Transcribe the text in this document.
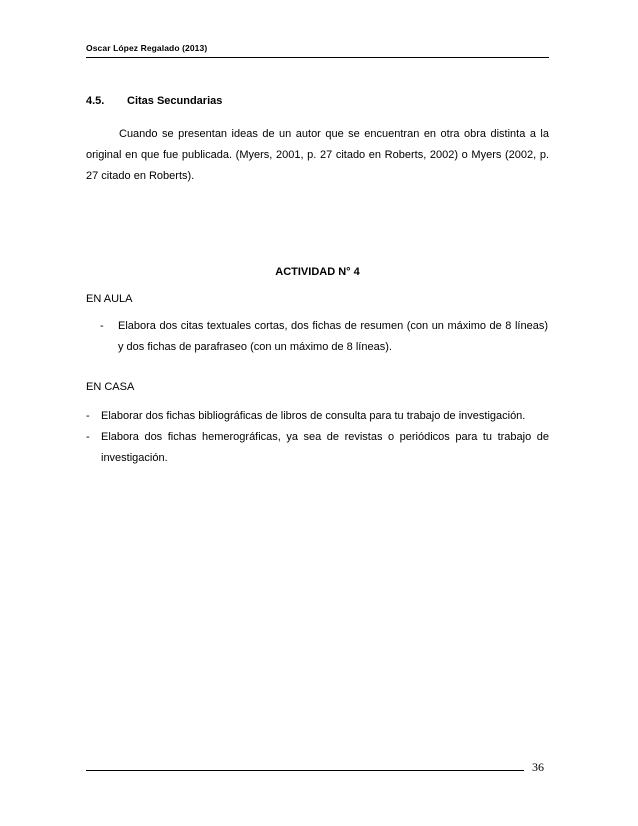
Oscar López Regalado (2013)
4.5. Citas Secundarias
Cuando se presentan ideas de un autor que se encuentran en otra obra distinta a la original en que fue publicada. (Myers, 2001, p. 27 citado en Roberts, 2002) o Myers (2002, p. 27 citado en Roberts).
ACTIVIDAD N° 4
EN AULA
-	Elabora dos citas textuales cortas, dos fichas de resumen (con un máximo de 8 líneas) y dos fichas de parafraseo (con un máximo de 8 líneas).
EN CASA
-	Elaborar dos fichas bibliográficas de libros de consulta para tu trabajo de investigación.
-	Elabora dos fichas hemerográficas, ya sea de revistas o periódicos para tu trabajo de investigación.
36
